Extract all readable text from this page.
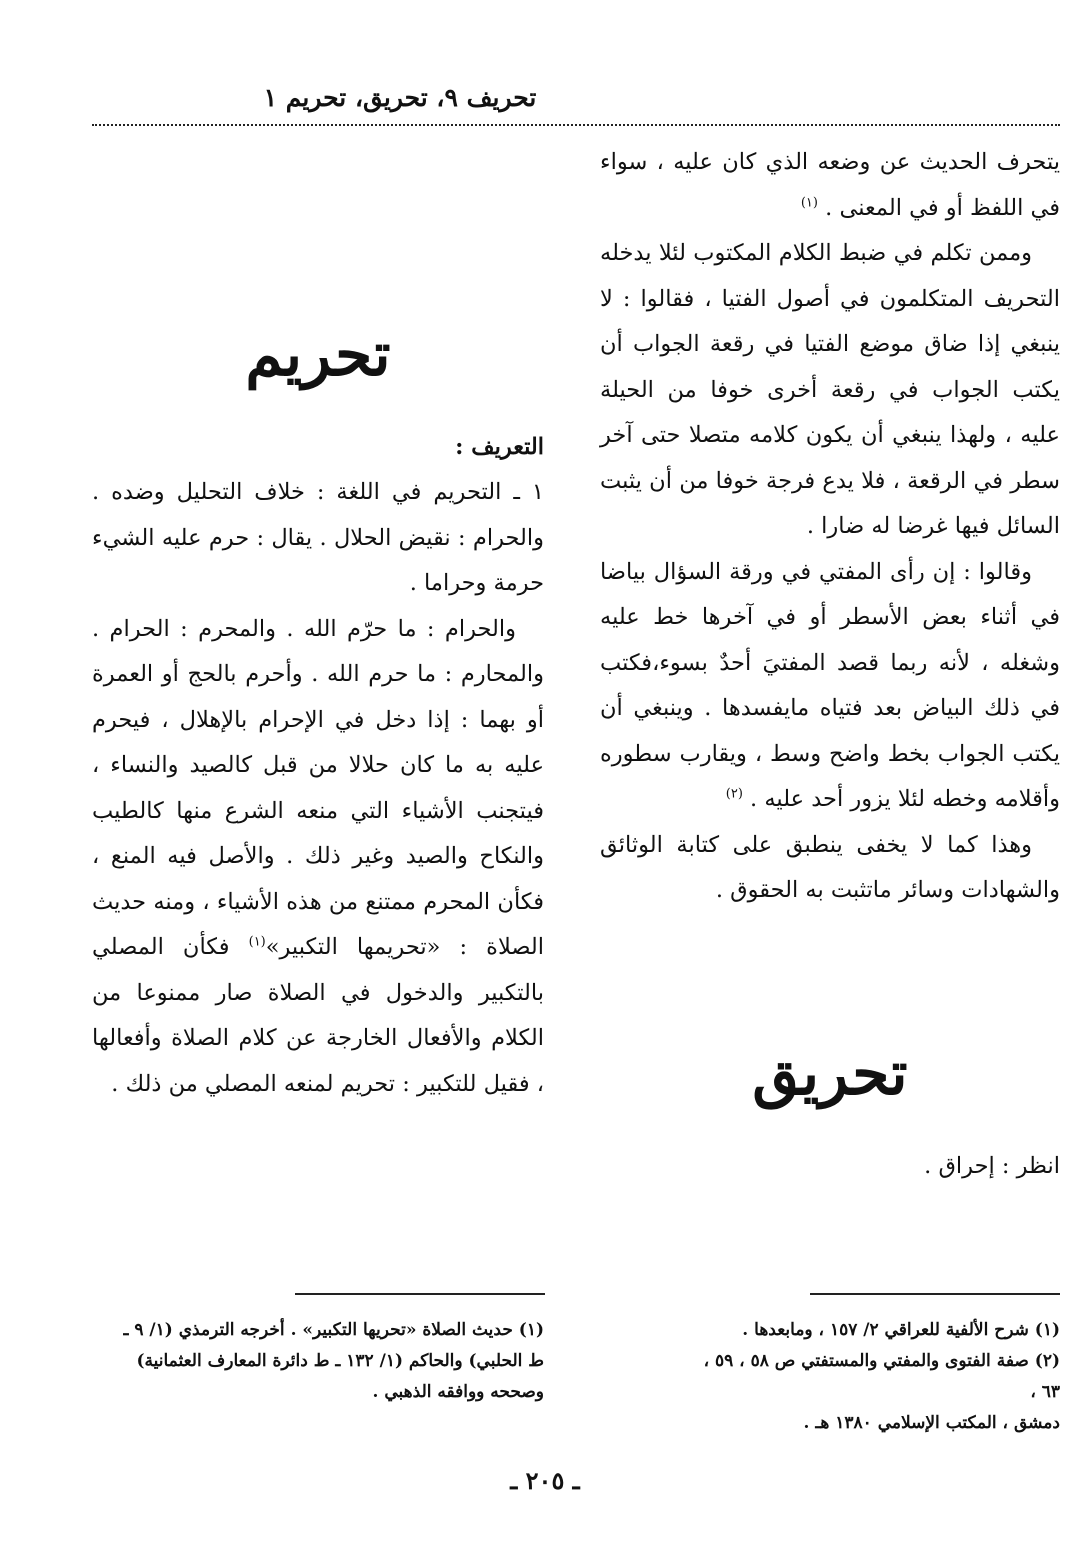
تحريف ٩، تحريق، تحريم ١

يتحرف الحديث عن وضعه الذي كان عليه ، سواء في اللفظ أو في المعنى . $^{(١)}$

وممن تكلم في ضبط الكلام المكتوب لئلا يدخله التحريف المتكلمون في أصول الفتيا ، فقالوا : لا ينبغي إذا ضاق موضع الفتيا في رقعة الجواب أن يكتب الجواب في رقعة أخرى خوفا من الحيلة عليه ، ولهذا ينبغي أن يكون كلامه متصلا حتى آخر سطر في الرقعة ، فلا يدع فرجة خوفا من أن يثبت السائل فيها غرضا له ضارا .

وقالوا : إن رأى المفتي في ورقة السؤال بياضا في أثناء بعض الأسطر أو في آخرها خط عليه وشغله ، لأنه ربما قصد المفتيَ أحدٌ بسوء،فكتب في ذلك البياض بعد فتياه مايفسدها . وينبغي أن يكتب الجواب بخط واضح وسط ، ويقارب سطوره وأقلامه وخطه لئلا يزور أحد عليه . $^{(٢)}$

وهذا كما لا يخفى ينطبق على كتابة الوثائق والشهادات وسائر ماتثبت به الحقوق .

تحريق

انظر : إحراق .

تحريم

التعريف :

١ ـ التحريم في اللغة : خلاف التحليل وضده . والحرام : نقيض الحلال . يقال : حرم عليه الشيء حرمة وحراما .

والحرام : ما حرّم الله . والمحرم : الحرام . والمحارم : ما حرم الله . وأحرم بالحج أو العمرة أو بهما : إذا دخل في الإحرام بالإهلال ، فيحرم عليه به ما كان حلالا من قبل كالصيد والنساء ، فيتجنب الأشياء التي منعه الشرع منها كالطيب والنكاح والصيد وغير ذلك . والأصل فيه المنع ، فكأن المحرم ممتنع من هذه الأشياء ، ومنه حديث الصلاة : «تحريمها التكبير»$^{(١)}$ فكأن المصلي بالتكبير والدخول في الصلاة صار ممنوعا من الكلام والأفعال الخارجة عن كلام الصلاة وأفعالها ، فقيل للتكبير : تحريم لمنعه المصلي من ذلك .

(١) شرح الألفية للعراقي ٢/ ١٥٧ ، ومابعدها .

(٢) صفة الفتوى والمفتي والمستفتي ص ٥٨ ، ٥٩ ، ٦٣ ،

دمشق ، المكتب الإسلامي ١٣٨٠ هـ .

(١) حديث الصلاة «تحريها التكبير» . أخرجه الترمذي (١/ ٩ ـ

ط الحلبي) والحاكم (١/ ١٣٢ ـ ط دائرة المعارف العثمانية)

وصححه ووافقه الذهبي .

ـ ٢٠٥ ـ
